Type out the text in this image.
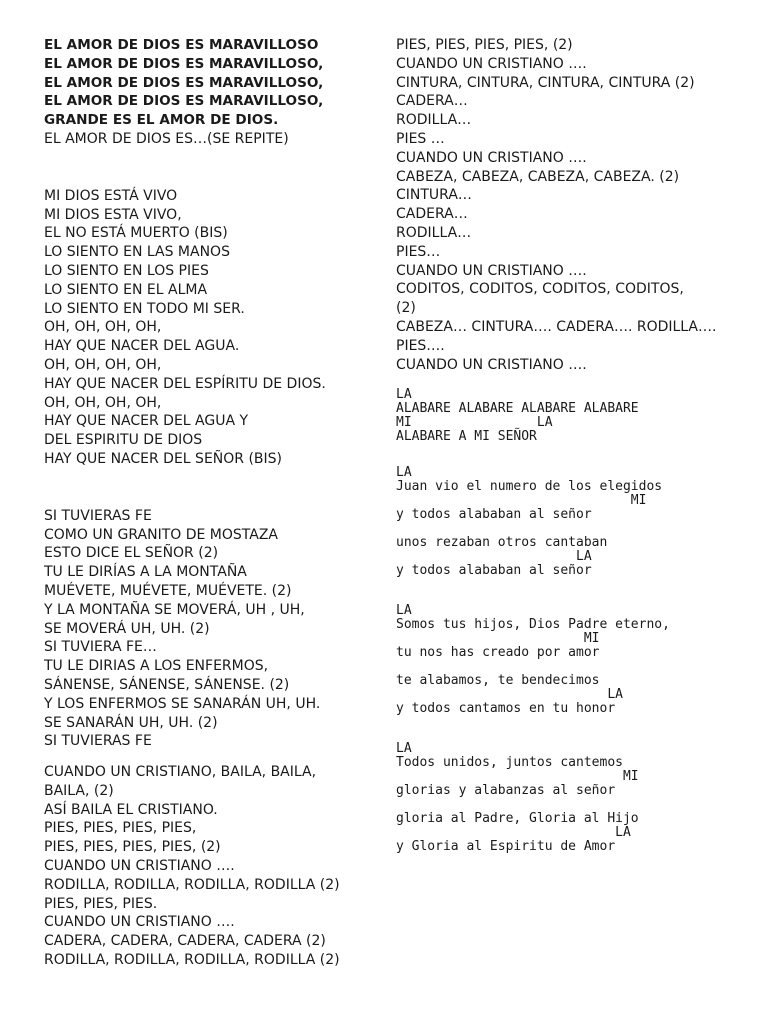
EL AMOR DE DIOS ES MARAVILLOSO
EL AMOR DE DIOS ES MARAVILLOSO,
EL AMOR DE DIOS ES MARAVILLOSO,
EL AMOR DE DIOS ES MARAVILLOSO,
GRANDE ES EL AMOR DE DIOS.

EL AMOR DE DIOS ES…(SE REPITE)

MI DIOS ESTÁ VIVO
MI DIOS ESTA VIVO,
EL NO ESTÁ MUERTO (BIS)
LO SIENTO EN LAS MANOS
LO SIENTO EN LOS PIES
LO SIENTO EN EL ALMA
LO SIENTO EN TODO MI SER.
OH, OH, OH, OH,
HAY QUE NACER DEL AGUA.
OH, OH, OH, OH,
HAY QUE NACER DEL ESPÍRITU DE DIOS.
OH, OH, OH, OH,
HAY QUE NACER DEL AGUA Y
DEL ESPIRITU DE DIOS
HAY QUE NACER DEL SEÑOR (BIS)

SI TUVIERAS FE
COMO UN GRANITO DE MOSTAZA
ESTO DICE EL SEÑOR (2)
TU LE DIRÍAS A LA MONTAÑA
MUÉVETE, MUÉVETE, MUÉVETE. (2)
Y LA MONTAÑA SE MOVERÁ, UH , UH,
SE MOVERÁ UH, UH. (2)
SI TUVIERA FE…
TU LE DIRIAS A LOS ENFERMOS,
SÁNENSE, SÁNENSE, SÁNENSE. (2)
Y LOS ENFERMOS SE SANARÁN UH, UH.
SE SANARÁN UH, UH. (2)
SI TUVIERAS FE

CUANDO UN CRISTIANO, BAILA, BAILA,
BAILA, (2)
ASÍ BAILA EL CRISTIANO.
PIES, PIES, PIES, PIES,
PIES, PIES, PIES, PIES, (2)
CUANDO UN CRISTIANO ….
RODILLA, RODILLA, RODILLA, RODILLA (2)
PIES, PIES, PIES.
CUANDO UN CRISTIANO ….
CADERA, CADERA, CADERA, CADERA (2)
RODILLA, RODILLA, RODILLA, RODILLA (2)

PIES, PIES, PIES, PIES, (2)
CUANDO UN CRISTIANO ….
CINTURA, CINTURA, CINTURA, CINTURA (2)
CADERA…
RODILLA…
PIES …
CUANDO UN CRISTIANO ….
CABEZA, CABEZA, CABEZA, CABEZA. (2)
CINTURA…
CADERA…
RODILLA…
PIES…
CUANDO UN CRISTIANO ….
CODITOS, CODITOS, CODITOS, CODITOS,
(2)
CABEZA… CINTURA…. CADERA…. RODILLA….
PIES….
CUANDO UN CRISTIANO ….

LA
ALABARE ALABARE ALABARE ALABARE
MI                LA
ALABARE A MI SEÑOR

LA
Juan vio el numero de los elegidos
MI
y todos alababan al señor

unos rezaban otros cantaban
LA
y todos alababan al señor

LA
Somos tus hijos, Dios Padre eterno,
MI
tu nos has creado por amor

te alabamos, te bendecimos
LA
y todos cantamos en tu honor

LA
Todos unidos, juntos cantemos
MI
glorias y alabanzas al señor

gloria al Padre, Gloria al Hijo
LA
y Gloria al Espiritu de Amor
